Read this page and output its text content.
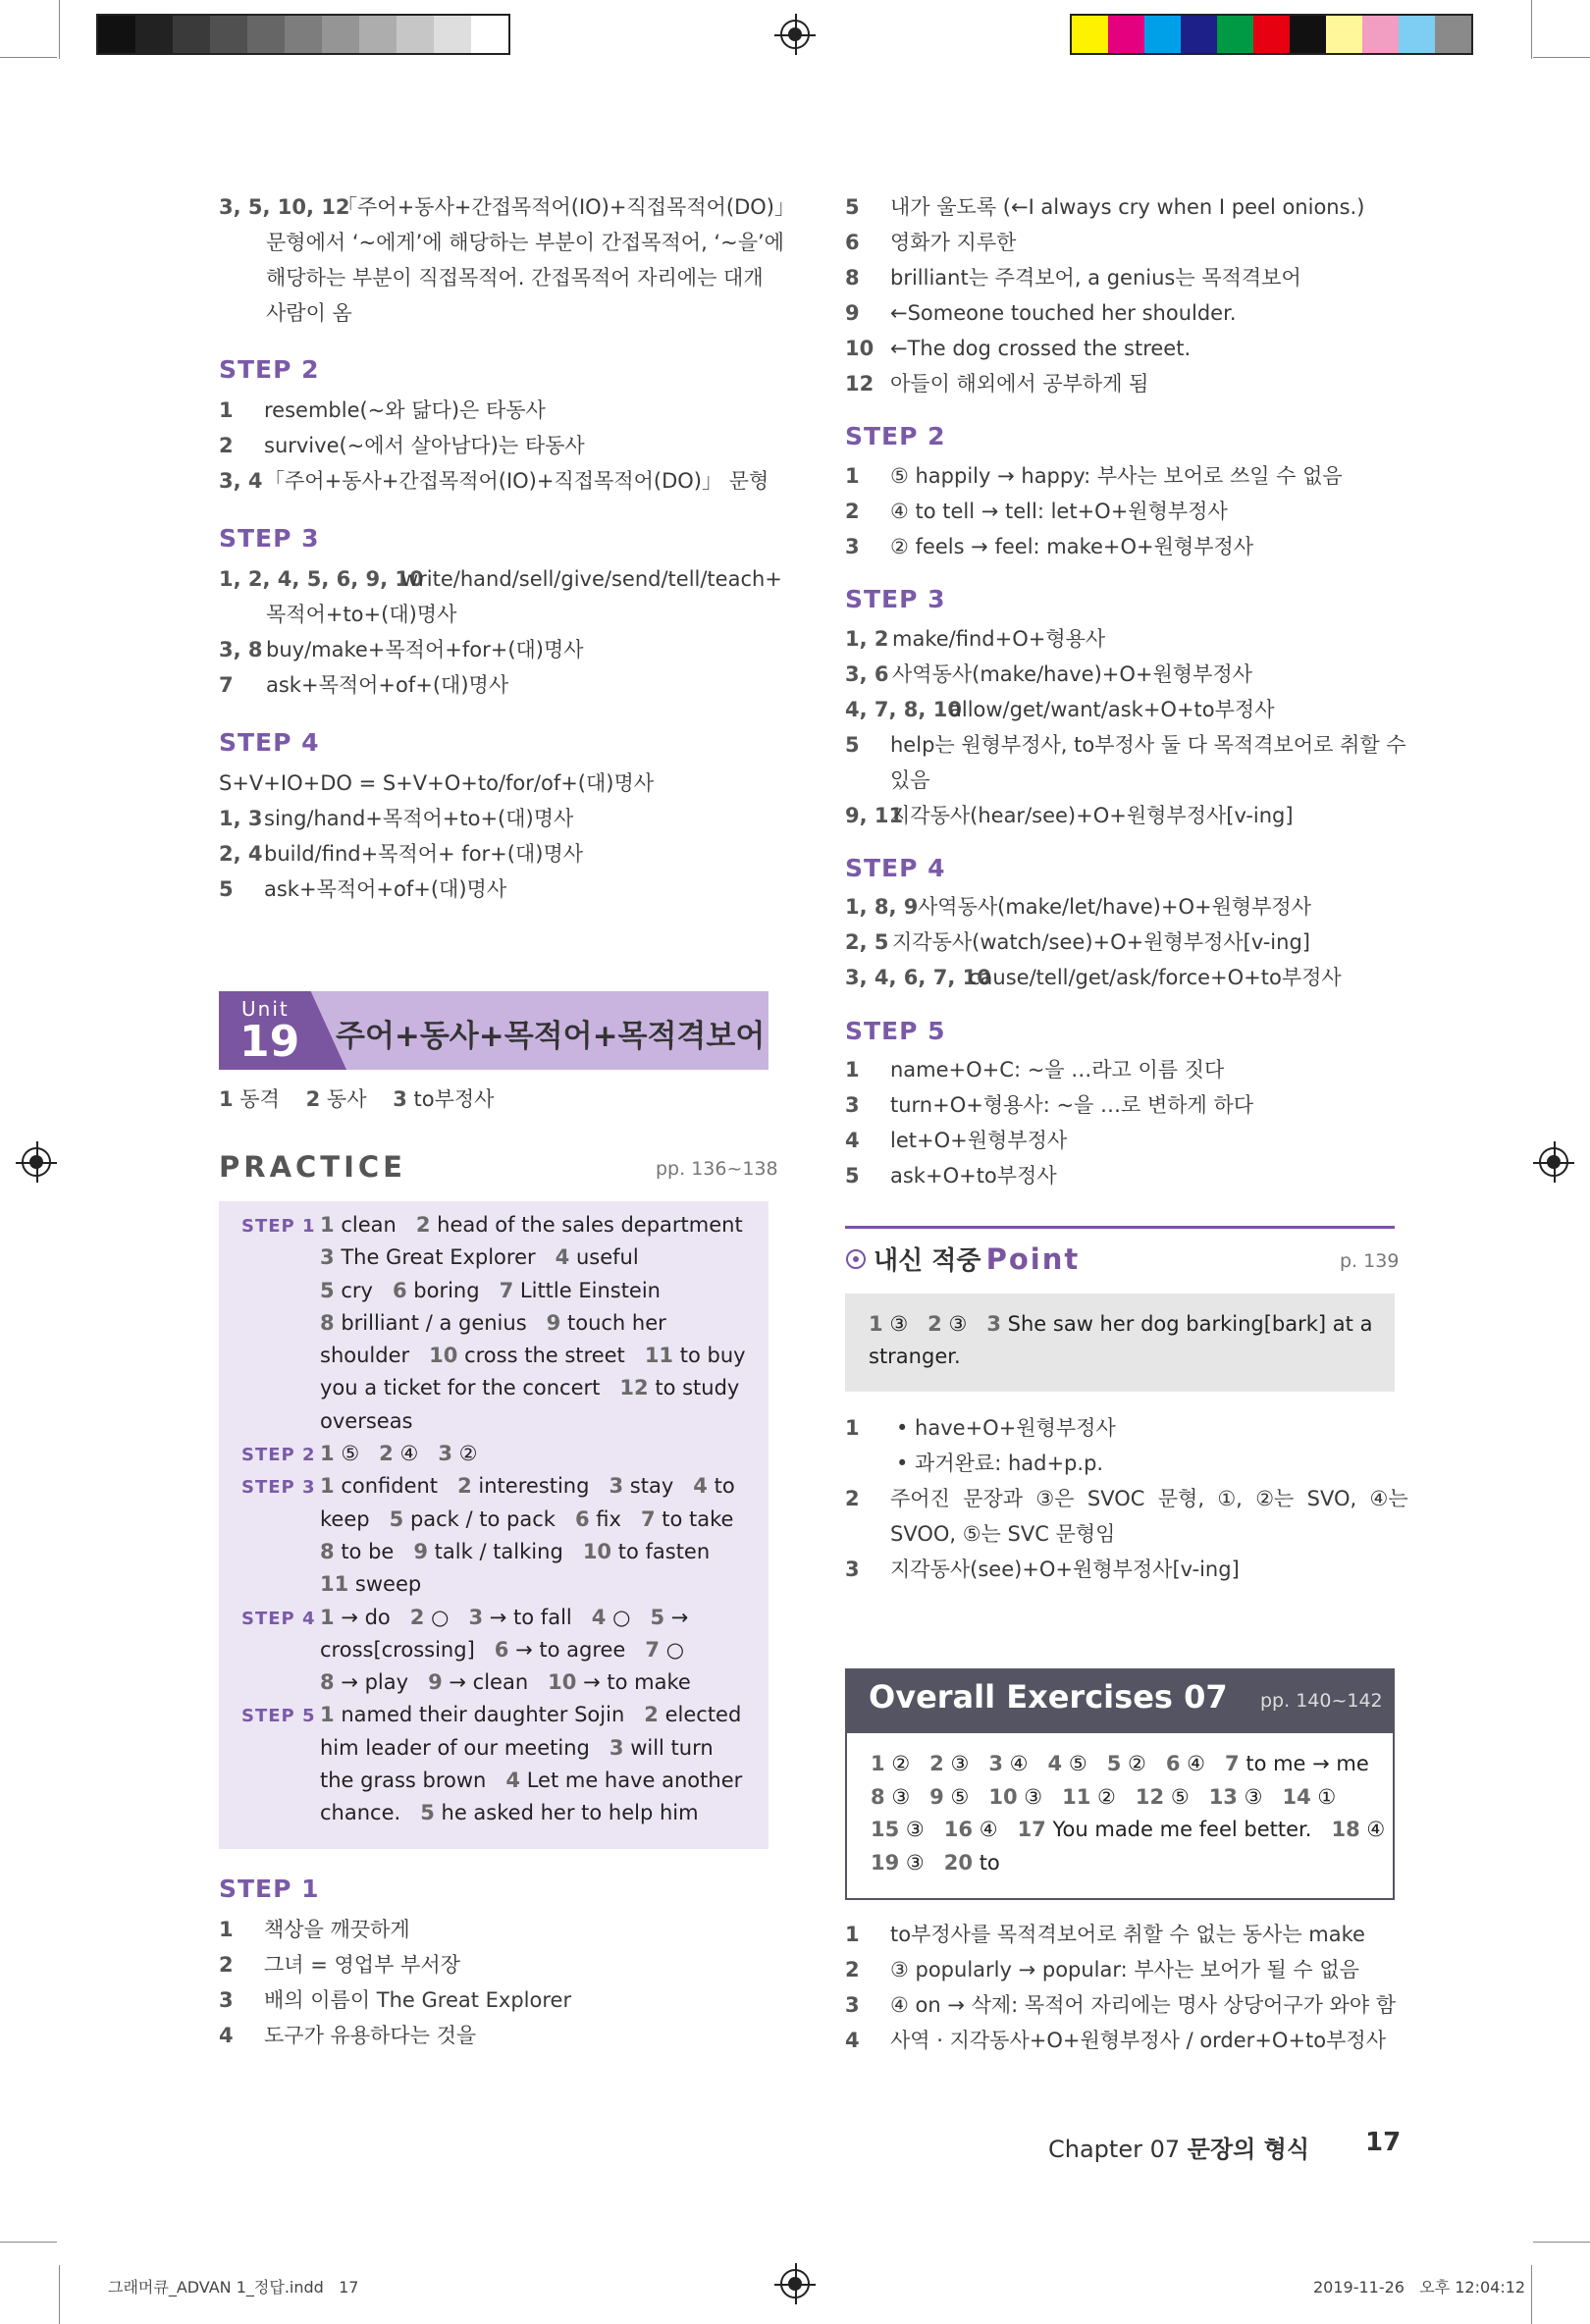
그래머큐_ADVAN 1_정답.indd   17	2019-11-26   오후 12:04:12
3, 5, 10, 12「주어+동사+간접목적어(IO)+직접목적어(DO)」
문형에서 ‘~에게’에 해당하는 부분이 간접목적어, ‘~을’에
해당하는 부분이 직접목적어. 간접목적어 자리에는 대개
사람이 옴
STEP 2
1 resemble(~와 닮다)은 타동사
2 survive(~에서 살아남다)는 타동사
3, 4「주어+동사+간접목적어(IO)+직접목적어(DO)」 문형
STEP 3
1, 2, 4, 5, 6, 9, 10write/hand/sell/give/send/tell/teach+
목적어+to+(대)명사
3, 8 buy/make+목적어+for+(대)명사
7 ask+목적어+of+(대)명사
STEP 4
S+V+IO+DO = S+V+O+to/for/of+(대)명사
1, 3sing/hand+목적어+to+(대)명사
2, 4build/find+목적어+ for+(대)명사
5 ask+목적어+of+(대)명사
Unit
19 주어+동사+목적어+목적격보어
1 동격 2 동사 3 to부정사
PRACTICE	pp. 136~138
STEP 1 1 clean 2 head of the sales department
3 The Great Explorer 4 useful
5 cry 6 boring 7 Little Einstein
8 brilliant / a genius 9 touch her
shoulder 10 cross the street 11 to buy
you a ticket for the concert 12 to study
overseas
STEP 2 1 ⑤ 2 ④ 3 ②
STEP 3 1 confident 2 interesting 3 stay 4 to
keep 5 pack / to pack 6 fix 7 to take
8 to be 9 talk / talking 10 to fasten
11 sweep
STEP 4 1 → do 2 ○ 3 → to fall 4 ○ 5 →
cross[crossing] 6 → to agree 7 ○
8 → play 9 → clean 10 → to make
STEP 5 1 named their daughter Sojin 2 elected
him leader of our meeting 3 will turn
the grass brown 4 Let me have another
chance. 5 he asked her to help him
STEP 1
1 책상을 깨끗하게
2 그녀 = 영업부 부서장
3 배의 이름이 The Great Explorer
4 도구가 유용하다는 것을
5 내가 울도록 (←I always cry when I peel onions.)
6 영화가 지루한
8 brilliant는 주격보어, a genius는 목적격보어
9 ←Someone touched her shoulder.
10 ←The dog crossed the street.
12 아들이 해외에서 공부하게 됨
STEP 2
1 ⑤ happily → happy: 부사는 보어로 쓰일 수 없음
2 ④ to tell → tell: let+O+원형부정사
3 ② feels → feel: make+O+원형부정사
STEP 3
1, 2 make/find+O+형용사
3, 6 사역동사(make/have)+O+원형부정사
4, 7, 8, 10allow/get/want/ask+O+to부정사
5 help는 원형부정사, to부정사 둘 다 목적격보어로 취할 수
있음
9, 11지각동사(hear/see)+O+원형부정사[v-ing]
STEP 4
1, 8, 9사역동사(make/let/have)+O+원형부정사
2, 5 지각동사(watch/see)+O+원형부정사[v-ing]
3, 4, 6, 7, 10cause/tell/get/ask/force+O+to부정사
STEP 5
1 name+O+C: ~을 …라고 이름 짓다
3 turn+O+형용사: ~을 …로 변하게 하다
4 let+O+원형부정사
5 ask+O+to부정사
내신 적중 Point	p. 139
1 ③ 2 ③ 3 She saw her dog barking[bark] at a
stranger.
1 • have+O+원형부정사
• 과거완료: had+p.p.
2 주어진  문장과  ③은  SVOC  문형,  ①,  ②는  SVO,  ④는
SVOO, ⑤는 SVC 문형임
3 지각동사(see)+O+원형부정사[v-ing]
Overall Exercises 07 pp. 140~142
1 ② 2 ③ 3 ④ 4 ⑤ 5 ② 6 ④ 7 to me → me
8 ③ 9 ⑤ 10 ③ 11 ② 12 ⑤ 13 ③ 14 ①
15 ③ 16 ④ 17 You made me feel better. 18 ④
19 ③ 20 to
1 to부정사를 목적격보어로 취할 수 없는 동사는 make
2 ③ popularly → popular: 부사는 보어가 될 수 없음
3 ④ on → 삭제: 목적어 자리에는 명사 상당어구가 와야 함
4 사역 · 지각동사+O+원형부정사 / order+O+to부정사
Chapter 07 문장의 형식 17
